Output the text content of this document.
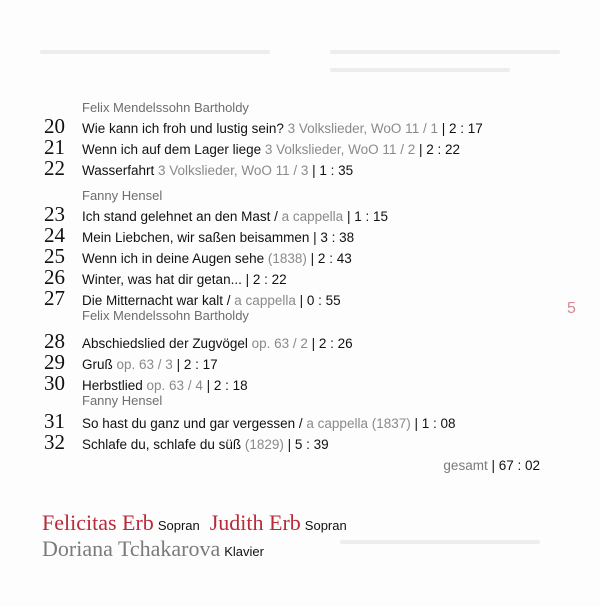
Felix Mendelssohn Bartholdy
20	Wie kann ich froh und lustig sein? 3 Volkslieder, WoO 11 / 1 | 2 : 17
21	Wenn ich auf dem Lager liege 3 Volkslieder, WoO 11 / 2 | 2 : 22
22	Wasserfahrt 3 Volkslieder, WoO 11 / 3 | 1 : 35
Fanny Hensel
23	Ich stand gelehnet an den Mast / a cappella | 1 : 15
24	Mein Liebchen, wir saßen beisammen | 3 : 38
25	Wenn ich in deine Augen sehe (1838) | 2 : 43
26	Winter, was hat dir getan... | 2 : 22
27	Die Mitternacht war kalt / a cappella | 0 : 55
Felix Mendelssohn Bartholdy
28	Abschiedslied der Zugvögel op. 63 / 2 | 2 : 26
29	Gruß op. 63 / 3 | 2 : 17
30	Herbstlied op. 63 / 4 | 2 : 18
Fanny Hensel
31	So hast du ganz und gar vergessen / a cappella (1837) | 1 : 08
32	Schlafe du, schlafe du süß (1829) | 5 : 39
gesamt | 67 : 02
5
Felicitas Erb Sopran Judith Erb Sopran
Doriana Tchakarova Klavier
